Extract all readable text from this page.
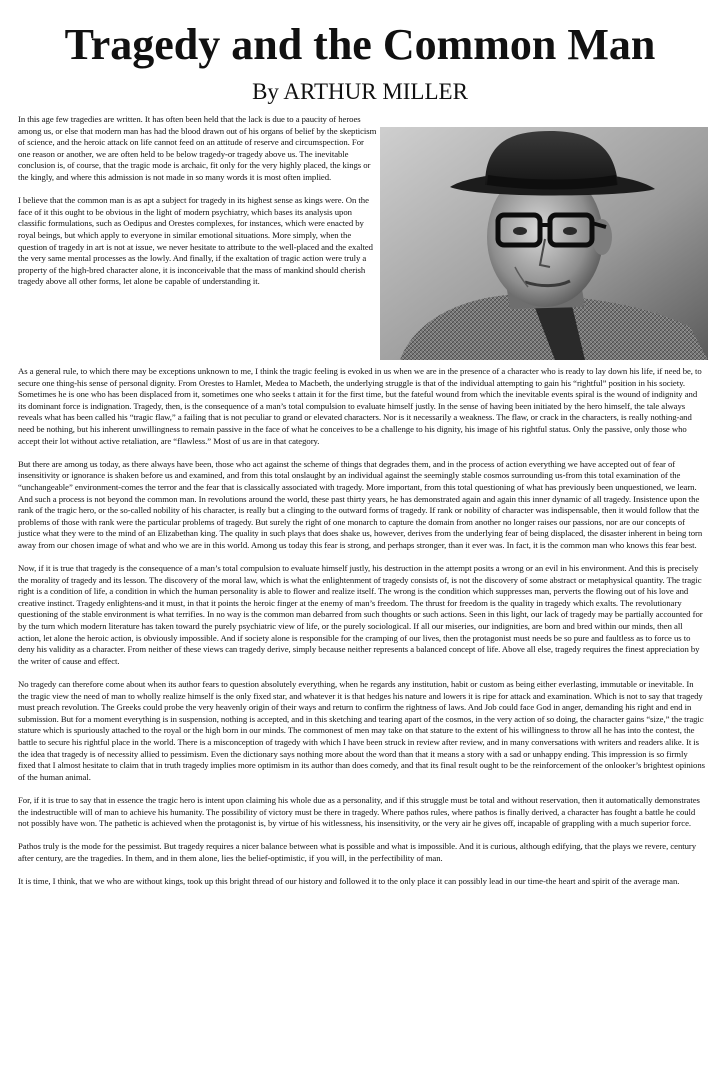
Tragedy and the Common Man
By ARTHUR MILLER

In this age few tragedies are written. It has often been held that the lack is due to a paucity of heroes among us, or else that modern man has had the blood drawn out of his organs of belief by the skepticism of science, and the heroic attack on life cannot feed on an attitude of reserve and circumspection. For one reason or another, we are often held to be below tragedy-or tragedy above us. The inevitable conclusion is, of course, that the tragic mode is archaic, fit only for the very highly placed, the kings or the kingly, and where this admission is not made in so many words it is most often implied.

I believe that the common man is as apt a subject for tragedy in its highest sense as kings were. On the face of it this ought to be obvious in the light of modern psychiatry, which bases its analysis upon classific formulations, such as Oedipus and Orestes complexes, for instances, which were enacted by royal beings, but which apply to everyone in similar emotional situations. More simply, when the question of tragedy in art is not at issue, we never hesitate to attribute to the well-placed and the exalted the very same mental processes as the lowly. And finally, if the exaltation of tragic action were truly a property of the high-bred character alone, it is inconceivable that the mass of mankind should cherish tragedy above all other forms, let alone be capable of understanding it.

As a general rule, to which there may be exceptions unknown to me, I think the tragic feeling is evoked in us when we are in the presence of a character who is ready to lay down his life, if need be, to secure one thing-his sense of personal dignity. From Orestes to Hamlet, Medea to Macbeth, the underlying struggle is that of the individual attempting to gain his “rightful” position in his society. Sometimes he is one who has been displaced from it, sometimes one who seeks t attain it for the first time, but the fateful wound from which the inevitable events spiral is the wound of indignity and its dominant force is indignation. Tragedy, then, is the consequence of a man’s total compulsion to evaluate himself justly. In the sense of having been initiated by the hero himself, the tale always reveals what has been called his “tragic flaw,” a failing that is not peculiar to grand or elevated characters. Nor is it necessarily a weakness. The flaw, or crack in the characters, is really nothing-and need be nothing, but his inherent unwillingness to remain passive in the face of what he conceives to be a challenge to his dignity, his image of his rightful status. Only the passive, only those who accept their lot without active retaliation, are “flawless.” Most of us are in that category.

But there are among us today, as there always have been, those who act against the scheme of things that degrades them, and in the process of action everything we have accepted out of fear of insensitivity or ignorance is shaken before us and examined, and from this total onslaught by an individual against the seemingly stable cosmos surrounding us-from this total examination of the “unchangeable” environment-comes the terror and the fear that is classically associated with tragedy. More important, from this total questioning of what has previously been unquestioned, we learn. And such a process is not beyond the common man. In revolutions around the world, these past thirty years, he has demonstrated again and again this inner dynamic of all tragedy. Insistence upon the rank of the tragic hero, or the so-called nobility of his character, is really but a clinging to the outward forms of tragedy. If rank or nobility of character was indispensable, then it would follow that the problems of those with rank were the particular problems of tragedy. But surely the right of one monarch to capture the domain from another no longer raises our passions, nor are our concepts of justice what they were to the mind of an Elizabethan king. The quality in such plays that does shake us, however, derives from the underlying fear of being displaced, the disaster inherent in being torn away from our chosen image of what and who we are in this world. Among us today this fear is strong, and perhaps stronger, than it ever was. In fact, it is the common man who knows this fear best.

Now, if it is true that tragedy is the consequence of a man’s total compulsion to evaluate himself justly, his destruction in the attempt posits a wrong or an evil in his environment. And this is precisely the morality of tragedy and its lesson. The discovery of the moral law, which is what the enlightenment of tragedy consists of, is not the discovery of some abstract or metaphysical quantity. The tragic right is a condition of life, a condition in which the human personality is able to flower and realize itself. The wrong is the condition which suppresses man, perverts the flowing out of his love and creative instinct. Tragedy enlightens-and it must, in that it points the heroic finger at the enemy of man’s freedom. The thrust for freedom is the quality in tragedy which exalts. The revolutionary questioning of the stable environment is what terrifies. In no way is the common man debarred from such thoughts or such actions. Seen in this light, our lack of tragedy may be partially accounted for by the turn which modern literature has taken toward the purely psychiatric view of life, or the purely sociological. If all our miseries, our indignities, are born and bred within our minds, then all action, let alone the heroic action, is obviously impossible. And if society alone is responsible for the cramping of our lives, then the protagonist must needs be so pure and faultless as to force us to deny his validity as a character. From neither of these views can tragedy derive, simply because neither represents a balanced concept of life. Above all else, tragedy requires the finest appreciation by the writer of cause and effect.

No tragedy can therefore come about when its author fears to question absolutely everything, when he regards any institution, habit or custom as being either everlasting, immutable or inevitable. In the tragic view the need of man to wholly realize himself is the only fixed star, and whatever it is that hedges his nature and lowers it is ripe for attack and examination. Which is not to say that tragedy must preach revolution. The Greeks could probe the very heavenly origin of their ways and return to confirm the rightness of laws. And Job could face God in anger, demanding his right and end in submission. But for a moment everything is in suspension, nothing is accepted, and in this sketching and tearing apart of the cosmos, in the very action of so doing, the character gains “size,” the tragic stature which is spuriously attached to the royal or the high born in our minds. The commonest of men may take on that stature to the extent of his willingness to throw all he has into the contest, the battle to secure his rightful place in the world. There is a misconception of tragedy with which I have been struck in review after review, and in many conversations with writers and readers alike. It is the idea that tragedy is of necessity allied to pessimism. Even the dictionary says nothing more about the word than that it means a story with a sad or unhappy ending. This impression is so firmly fixed that I almost hesitate to claim that in truth tragedy implies more optimism in its author than does comedy, and that its final result ought to be the reinforcement of the onlooker’s brightest opinions of the human animal.

For, if it is true to say that in essence the tragic hero is intent upon claiming his whole due as a personality, and if this struggle must be total and without reservation, then it automatically demonstrates the indestructible will of man to achieve his humanity. The possibility of victory must be there in tragedy. Where pathos rules, where pathos is finally derived, a character has fought a battle he could not possibly have won. The pathetic is achieved when the protagonist is, by virtue of his witlessness, his insensitivity, or the very air he gives off, incapable of grappling with a much superior force.

Pathos truly is the mode for the pessimist. But tragedy requires a nicer balance between what is possible and what is impossible. And it is curious, although edifying, that the plays we revere, century after century, are the tragedies. In them, and in them alone, lies the belief-optimistic, if you will, in the perfectibility of man.

It is time, I think, that we who are without kings, took up this bright thread of our history and followed it to the only place it can possibly lead in our time-the heart and spirit of the average man.
